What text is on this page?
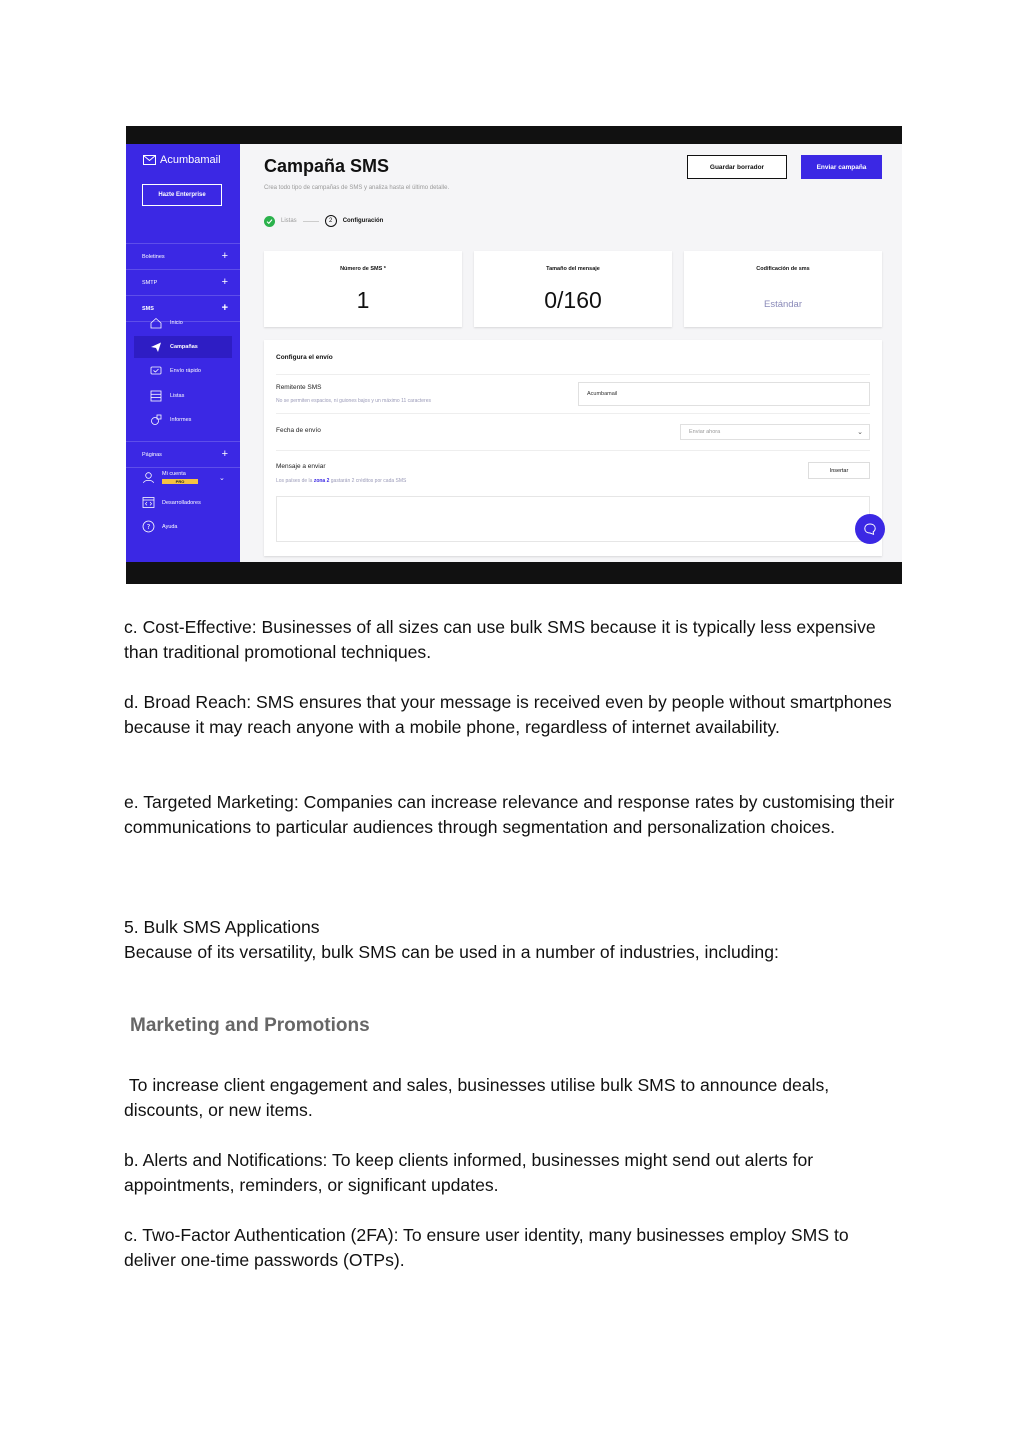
Acumbamail
Hazte Enterprise
Boletines	+
SMTP	+
SMS	+
Inicio
Campañas
Envío rápido
Listas
Informes
Páginas	+
Mi cuenta
PRO	⌄
Desarrolladores
? Ayuda
Campaña SMS
Crea todo tipo de campañas de SMS y analiza hasta el último detalle.
Guardar borrador	Enviar campaña
Listas	2	Configuración
Número de SMS *
1
Tamaño del mensaje
0/160
Codificación de sms
Estándar
Configura el envío
Remitente SMS
No se permiten espacios, ni guiones bajos y un máximo 11 caracteres
Acumbamail
Fecha de envío	Enviar ahora	⌄
Mensaje a enviar
Los países de la zona 2 gastarán 2 créditos por cada SMS
Insertar

c. Cost-Effective: Businesses of all sizes can use bulk SMS because it is typically less expensive than traditional promotional techniques.

d. Broad Reach: SMS ensures that your message is received even by people without smartphones because it may reach anyone with a mobile phone, regardless of internet availability.

e. Targeted Marketing: Companies can increase relevance and response rates by customising their communications to particular audiences through segmentation and personalization choices.

5. Bulk SMS Applications

Because of its versatility, bulk SMS can be used in a number of industries, including:

Marketing and Promotions

To increase client engagement and sales, businesses utilise bulk SMS to announce deals, discounts, or new items.

b. Alerts and Notifications: To keep clients informed, businesses might send out alerts for appointments, reminders, or significant updates.

c. Two-Factor Authentication (2FA): To ensure user identity, many businesses employ SMS to deliver one-time passwords (OTPs).
